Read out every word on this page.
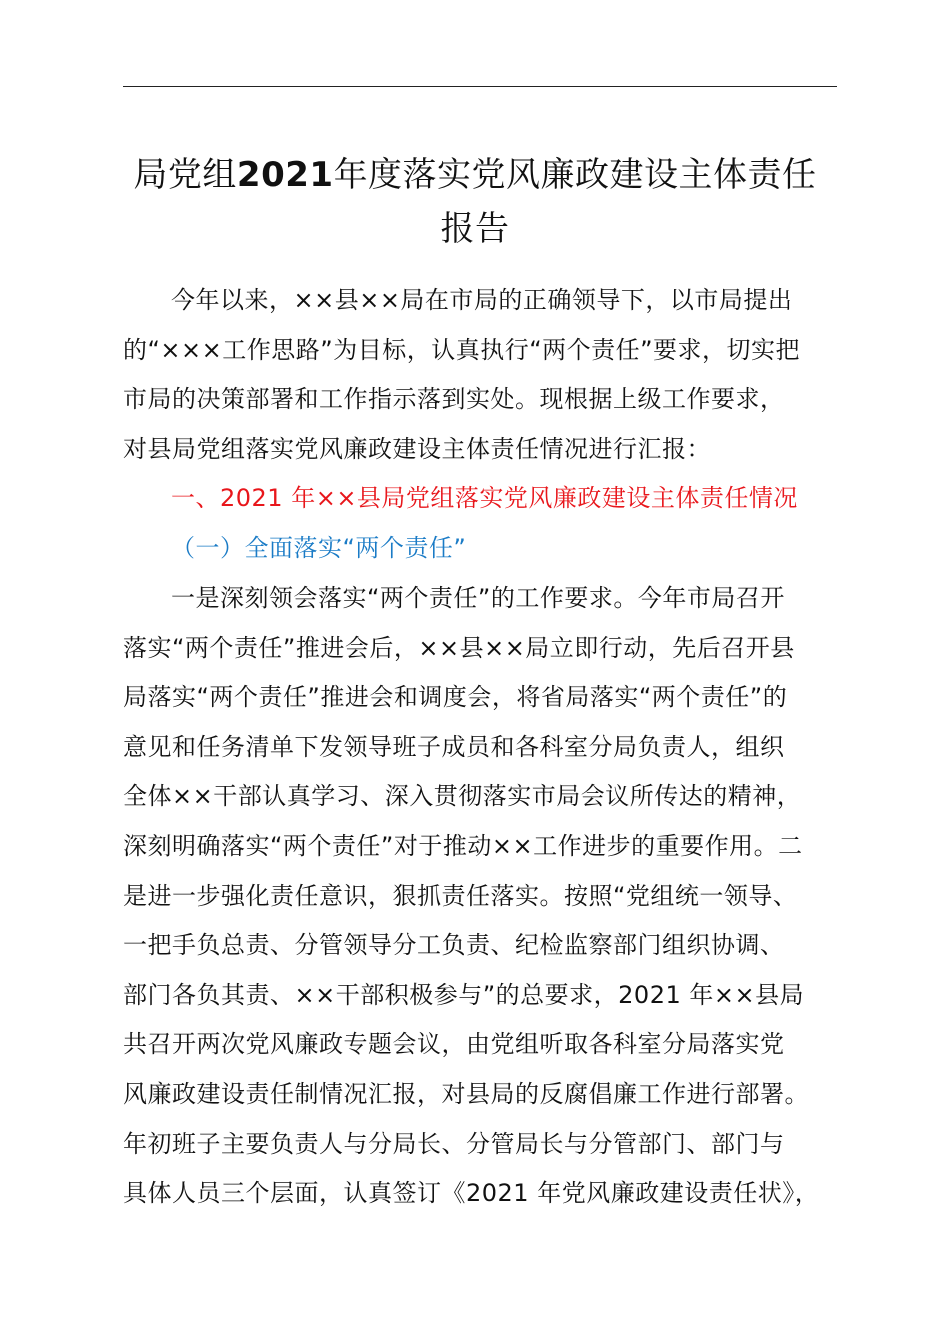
局党组2021年度落实党风廉政建设主体责任
报告
今年以来，××县××局在市局的正确领导下，以市局提出
的“×××工作思路”为目标，认真执行“两个责任”要求，切实把
市局的决策部署和工作指示落到实处。现根据上级工作要求，
对县局党组落实党风廉政建设主体责任情况进行汇报：
一、2021 年××县局党组落实党风廉政建设主体责任情况
（一）全面落实“两个责任”
一是深刻领会落实“两个责任”的工作要求。今年市局召开
落实“两个责任”推进会后，××县××局立即行动，先后召开县
局落实“两个责任”推进会和调度会，将省局落实“两个责任”的
意见和任务清单下发领导班子成员和各科室分局负责人，组织
全体××干部认真学习、深入贯彻落实市局会议所传达的精神，
深刻明确落实“两个责任”对于推动××工作进步的重要作用。二
是进一步强化责任意识，狠抓责任落实。按照“党组统一领导、
一把手负总责、分管领导分工负责、纪检监察部门组织协调、
部门各负其责、××干部积极参与”的总要求，2021 年××县局
共召开两次党风廉政专题会议，由党组听取各科室分局落实党
风廉政建设责任制情况汇报，对县局的反腐倡廉工作进行部署。
年初班子主要负责人与分局长、分管局长与分管部门、部门与
具体人员三个层面，认真签订《2021 年党风廉政建设责任状》，
